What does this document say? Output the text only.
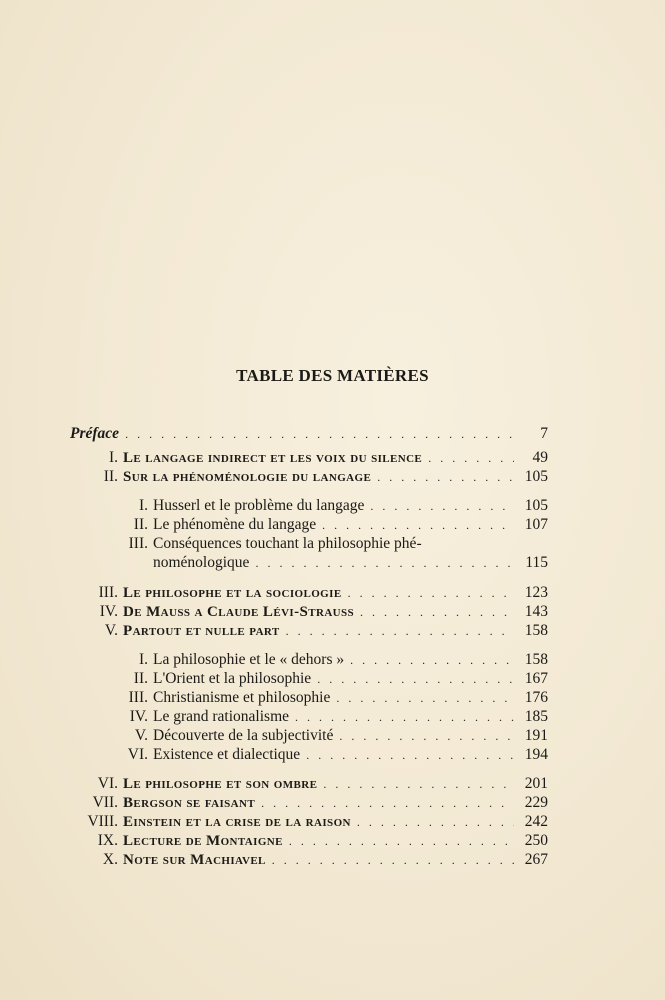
TABLE DES MATIÈRES
Préface . . .	7
I. Le langage indirect et les voix du silence . . .	49
II. Sur la phénoménologie du langage . . .	105
I. Husserl et le problème du langage . . .	105
II. Le phénomène du langage . . .	107
III. Conséquences touchant la philosophie phé-
noménologique . . .	115
III. Le philosophe et la sociologie . . .	123
IV. De Mauss a Claude Lévi-Strauss . . .	143
V. Partout et nulle part . . .	158
I. La philosophie et le « dehors » . . .	158
II. L'Orient et la philosophie . . .	167
III. Christianisme et philosophie . . .	176
IV. Le grand rationalisme . . .	185
V. Découverte de la subjectivité . . .	191
VI. Existence et dialectique . . .	194
VI. Le philosophe et son ombre . . .	201
VII. Bergson se faisant . . .	229
VIII. Einstein et la crise de la raison . . .	242
IX. Lecture de Montaigne . . .	250
X. Note sur Machiavel . . .	267
